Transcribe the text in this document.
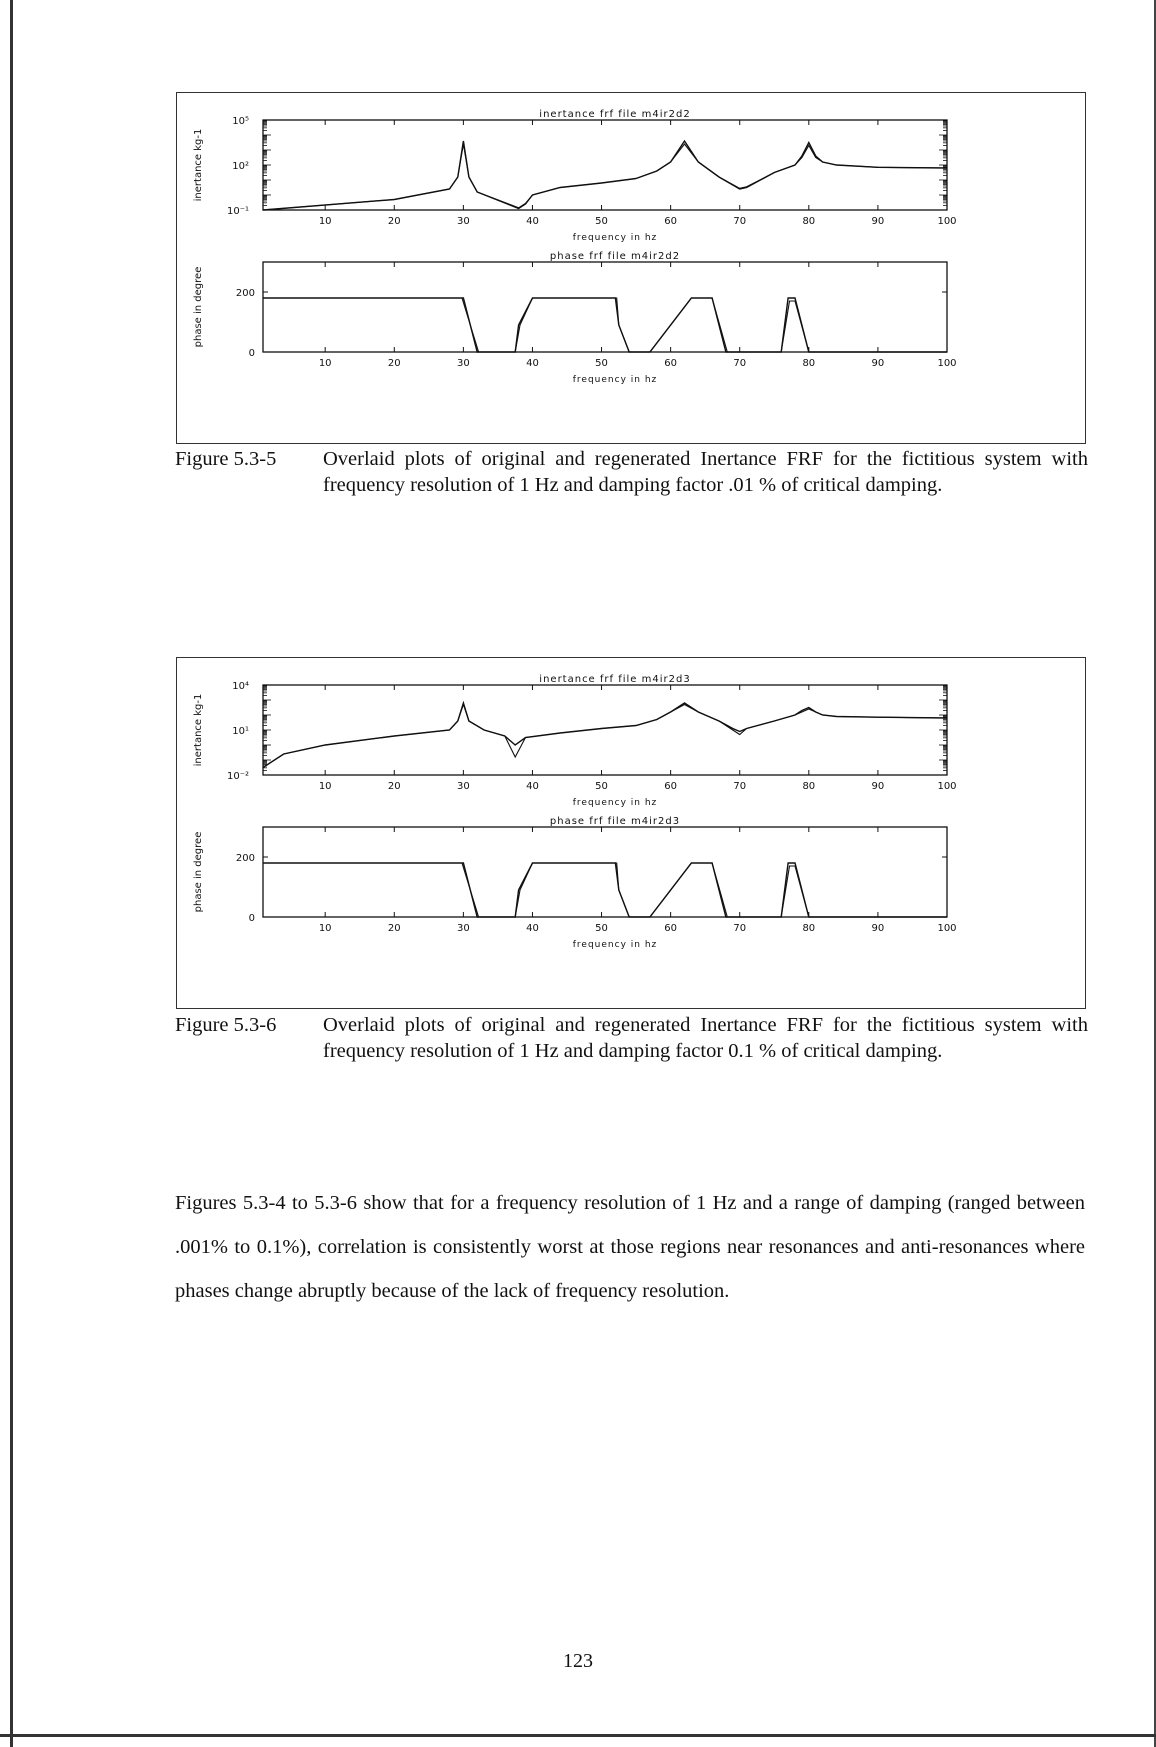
inertance frf file m4ir2d2
10	20	30	40	50	60	70	80	90	100
frequency in hz
inertance kg-1
10⁵
10²
10⁻¹
phase frf file m4ir2d2
10	20	30	40	50	60	70	80	90	100
frequency in hz
phase in degree	200
0
Figure 5.3-5 Overlaid plots of original and regenerated Inertance FRF for the fictitious system with frequency resolution of 1 Hz and damping factor .01 % of critical damping.
inertance frf file m4ir2d3
10	20	30	40	50	60	70	80	90	100
frequency in hz
inertance kg-1
10⁴
10¹
10⁻²
phase frf file m4ir2d3
10	20	30	40	50	60	70	80	90	100
frequency in hz
phase in degree	200
0
Figure 5.3-6 Overlaid plots of original and regenerated Inertance FRF for the fictitious system with frequency resolution of 1 Hz and damping factor 0.1 % of critical damping.

Figures 5.3-4 to 5.3-6 show that for a frequency resolution of 1 Hz and a range of damping (ranged between .001% to 0.1%), correlation is consistently worst at those regions near resonances and anti-resonances where phases change abruptly because of the lack of frequency resolution.

123
